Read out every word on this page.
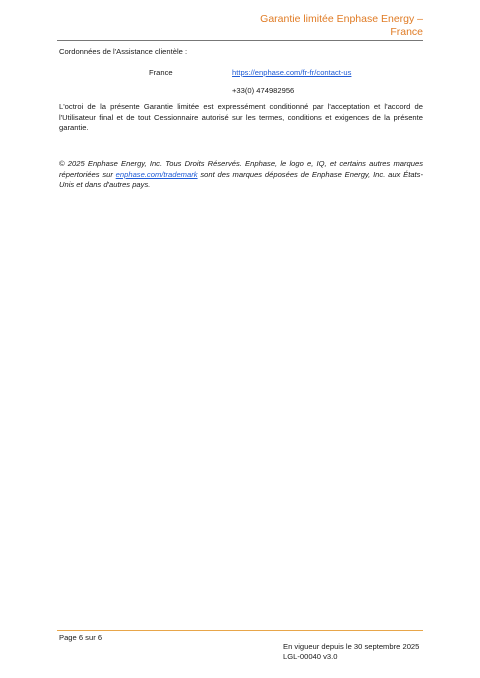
Garantie limitée Enphase Energy –
France
Cordonnées de l'Assistance clientèle :
France	https://enphase.com/fr-fr/contact-us
+33(0) 474982956
L'octroi de la présente Garantie limitée est expressément conditionné par l'acceptation et l'accord de l'Utilisateur final et de tout Cessionnaire autorisé sur les termes, conditions et exigences de la présente garantie.
© 2025 Enphase Energy, Inc. Tous Droits Réservés. Enphase, le logo e, IQ, et certains autres marques répertoriées sur enphase.com/trademark sont des marques déposées de Enphase Energy, Inc. aux États-Unis et dans d'autres pays.
Page 6 sur 6
En vigueur depuis le 30 septembre 2025
LGL-00040 v3.0
